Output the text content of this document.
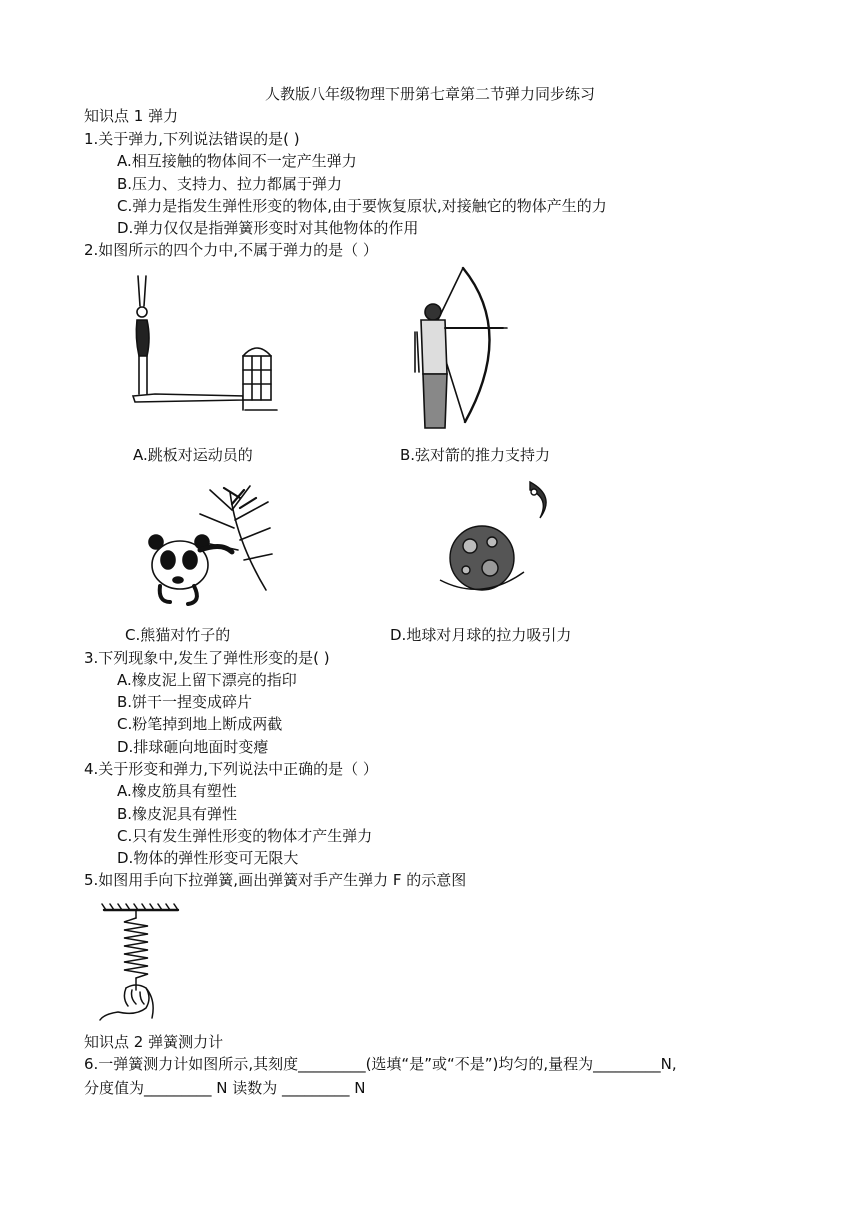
人教版八年级物理下册第七章第二节弹力同步练习
知识点 1 弹力
1.关于弹力,下列说法错误的是( )
A.相互接触的物体间不一定产生弹力
B.压力、支持力、拉力都属于弹力
C.弹力是指发生弹性形变的物体,由于要恢复原状,对接触它的物体产生的力
D.弹力仅仅是指弹簧形变时对其他物体的作用
2.如图所示的四个力中,不属于弹力的是（ ）
A.跳板对运动员的	B.弦对箭的推力支持力
C.熊猫对竹子的	D.地球对月球的拉力吸引力
3.下列现象中,发生了弹性形变的是( )
A.橡皮泥上留下漂亮的指印
B.饼干一捏变成碎片
C.粉笔掉到地上断成两截
D.排球砸向地面时变瘪
4.关于形变和弹力,下列说法中正确的是（ ）
A.橡皮筋具有塑性
B.橡皮泥具有弹性
C.只有发生弹性形变的物体才产生弹力
D.物体的弹性形变可无限大
5.如图用手向下拉弹簧,画出弹簧对手产生弹力 F 的示意图
知识点 2 弹簧测力计
6.一弹簧测力计如图所示,其刻度_________(选填“是”或“不是”)均匀的,量程为_________N,
分度值为_________ N 读数为 _________ N
